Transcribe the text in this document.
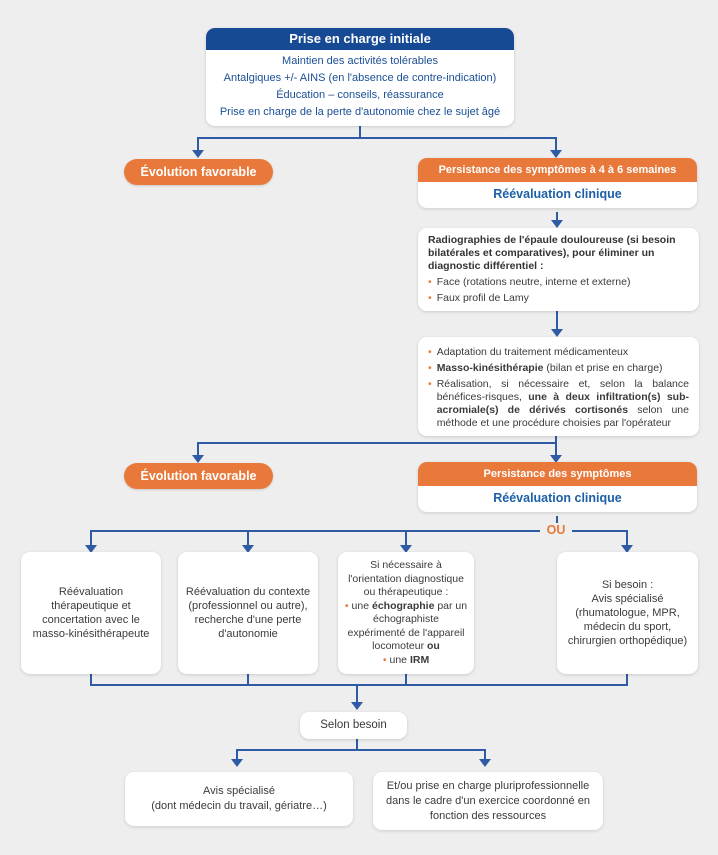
OU
Prise en charge initiale
Maintien des activités tolérables
Antalgiques +/- AINS (en l'absence de contre-indication)
Éducation – conseils, réassurance
Prise en charge de la perte d'autonomie chez le sujet âgé
Évolution favorable	Persistance des symptômes à 4 à 6 semaines
Réévaluation clinique
Radiographies de l'épaule douloureuse (si besoin bilatérales et comparatives), pour éliminer un diagnostic différentiel :
• Face (rotations neutre, interne et externe)
• Faux profil de Lamy
• Adaptation du traitement médicamenteux
• Masso-kinésithérapie (bilan et prise en charge)
• Réalisation, si nécessaire et, selon la balance bénéfices-risques, une à deux infiltration(s) sub-acromiale(s) de dérivés cortisonés selon une méthode et une procédure choisies par l'opérateur
Évolution favorable	Persistance des symptômes
Réévaluation clinique
Réévaluation thérapeutique et concertation avec le masso-kinésithérapeute
Réévaluation du contexte (professionnel ou autre), recherche d'une perte d'autonomie
Si nécessaire à l'orientation diagnostique ou thérapeutique :
• une échographie par un échographiste expérimenté de l'appareil locomoteur ou
• une IRM
Si besoin :
Avis spécialisé (rhumatologue, MPR, médecin du sport, chirurgien orthopédique)
Selon besoin
Avis spécialisé
(dont médecin du travail, gériatre…)
Et/ou prise en charge pluriprofessionnelle dans le cadre d'un exercice coordonné en fonction des ressources
